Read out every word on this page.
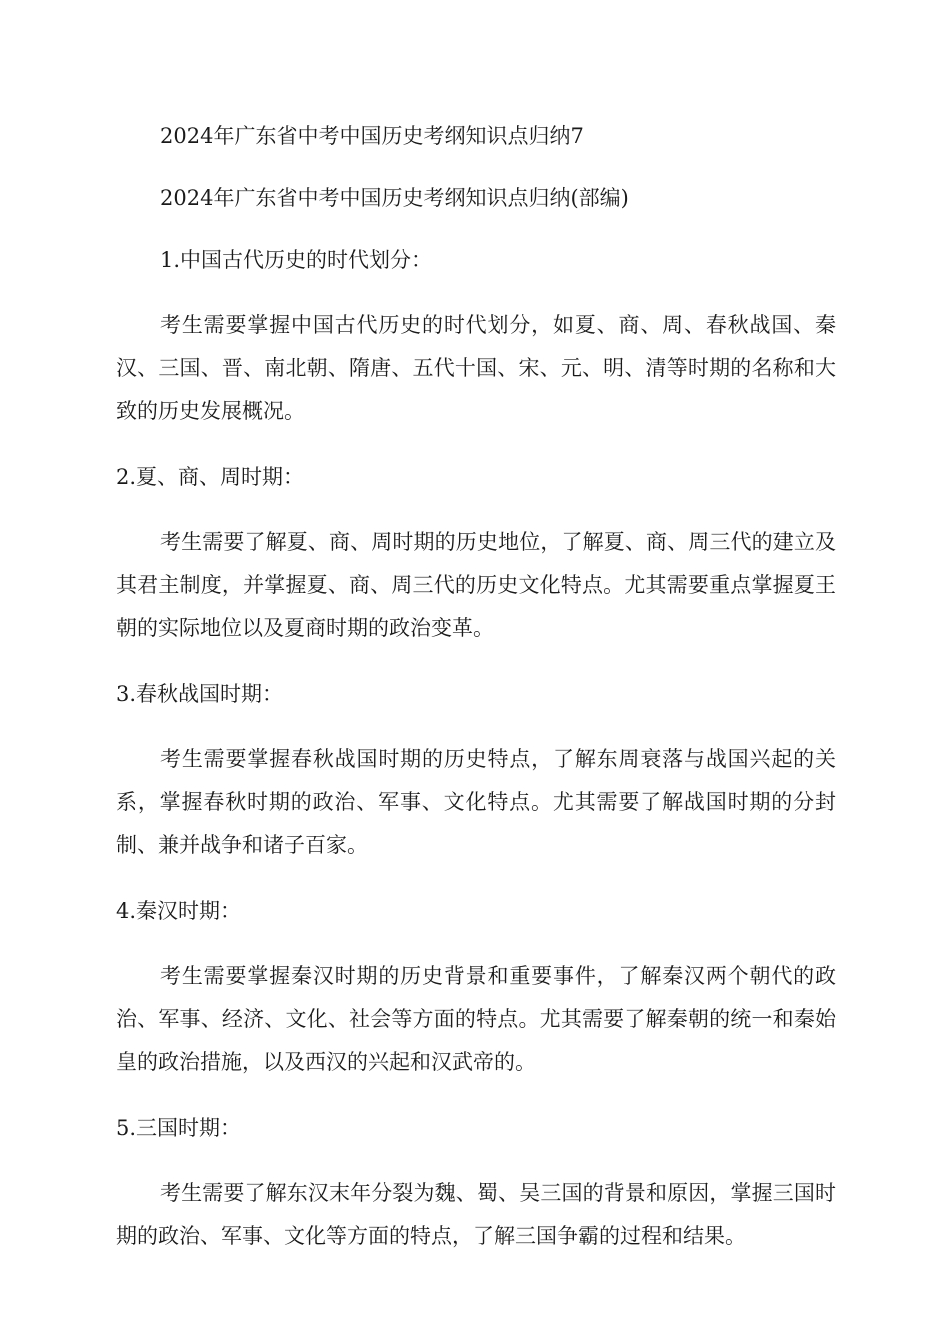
2024年广东省中考中国历史考纲知识点归纳7

2024年广东省中考中国历史考纲知识点归纳(部编)

1.中国古代历史的时代划分：

考生需要掌握中国古代历史的时代划分，如夏、商、周、春秋战国、秦汉、三国、晋、南北朝、隋唐、五代十国、宋、元、明、清等时期的名称和大致的历史发展概况。

2.夏、商、周时期：

考生需要了解夏、商、周时期的历史地位，了解夏、商、周三代的建立及其君主制度，并掌握夏、商、周三代的历史文化特点。尤其需要重点掌握夏王朝的实际地位以及夏商时期的政治变革。

3.春秋战国时期：

考生需要掌握春秋战国时期的历史特点，了解东周衰落与战国兴起的关系，掌握春秋时期的政治、军事、文化特点。尤其需要了解战国时期的分封制、兼并战争和诸子百家。

4.秦汉时期：

考生需要掌握秦汉时期的历史背景和重要事件，了解秦汉两个朝代的政治、军事、经济、文化、社会等方面的特点。尤其需要了解秦朝的统一和秦始皇的政治措施，以及西汉的兴起和汉武帝的。

5.三国时期：

考生需要了解东汉末年分裂为魏、蜀、吴三国的背景和原因，掌握三国时期的政治、军事、文化等方面的特点，了解三国争霸的过程和结果。
